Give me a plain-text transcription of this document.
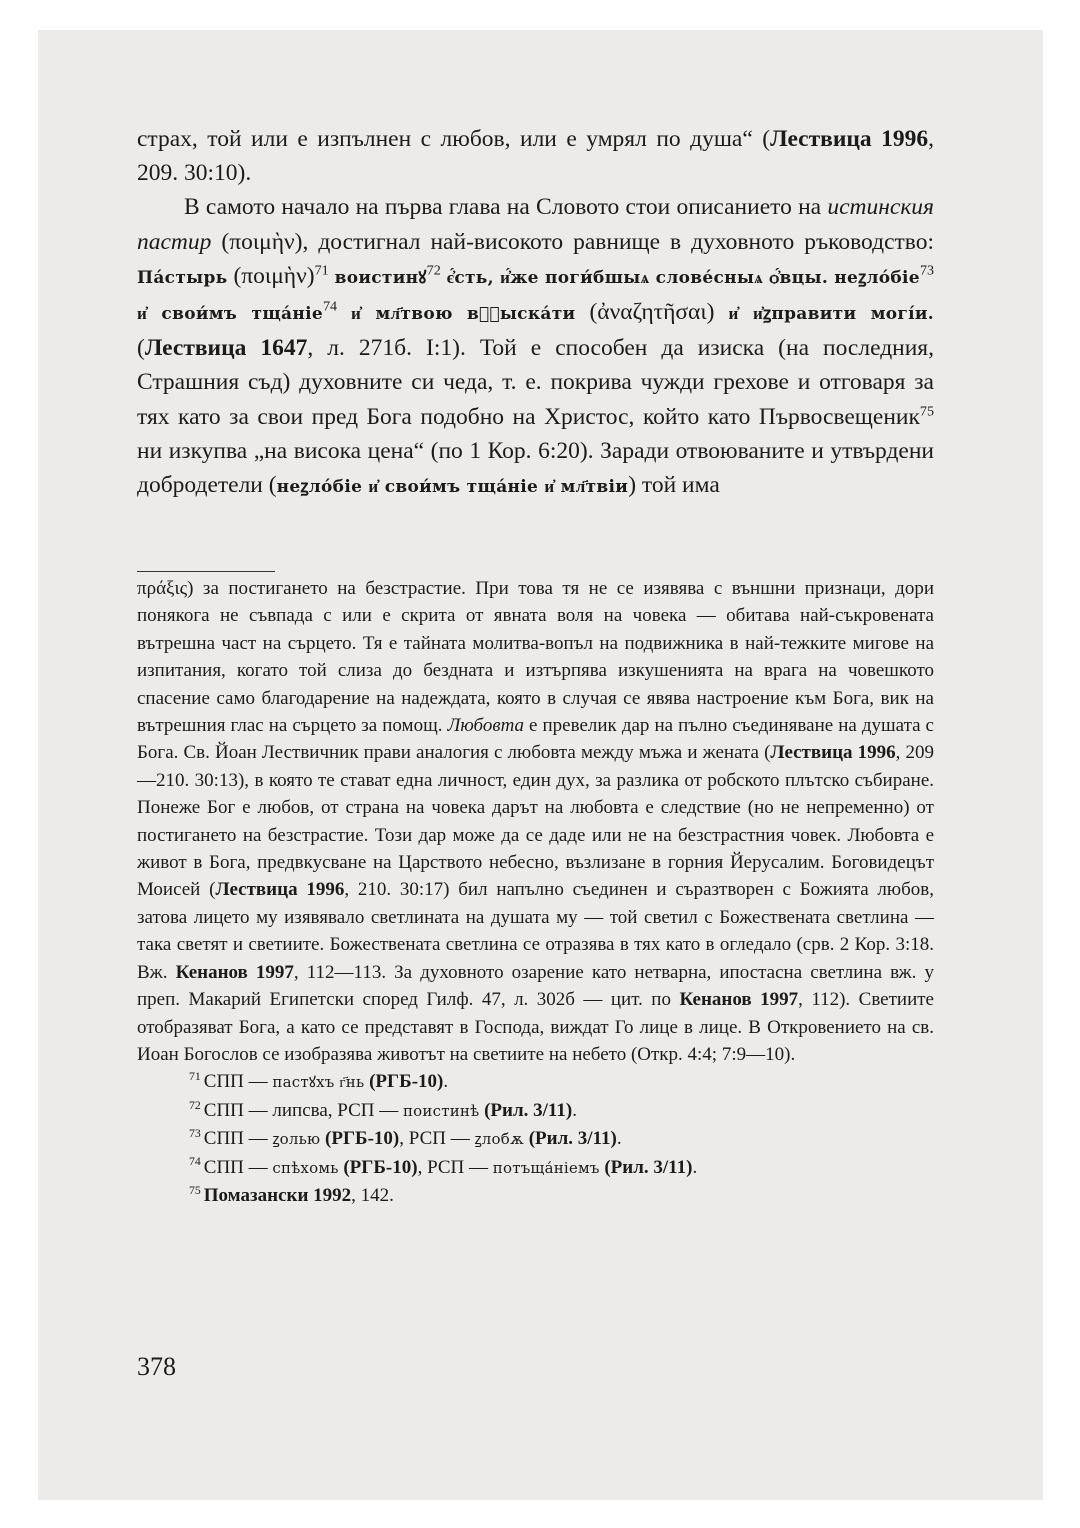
страх, той или е изпълнен с любов, или е умрял по душа“ (Лествица 1996, 209. 30:10).

В самото начало на първа глава на Словото стои описанието на истинския пастир (ποιμὴν), достигнал най-високото равнище в духовното ръководство: Па́стырь (ποιμὴν)$^{71}$ воистинꙋ$^{72}$ є҆́сть, и҆́же поги́бшыѧ слове́сныѧ ѻ҆́вцы. неꙁло́біе$^{73}$ и҆ свои́мъ тща́ніе$^{74}$ и҆ мл҃твою в꙯ꙁыска́ти (ἀναζητῆσαι) и҆ и҆ꙁправити могі́и. (Лествица 1647, л. 271б. I:1). Той е способен да изиска (на последния, Страшния съд) духовните си чеда, т. е. покрива чужди грехове и отговаря за тях като за свои пред Бога подобно на Христос, който като Първосвещеник$^{75}$ ни изкупва „на висока цена“ (по 1 Кор. 6:20). Заради отвоюваните и утвърдени добродетели (неꙁло́біе и҆ свои́мъ тща́ніе и҆ мл҃твіи) той има

πράξις) за постигането на безстрастие. При това тя не се изявява с външни признаци, дори понякога не съвпада с или е скрита от явната воля на човека — обитава най-съкровената вътрешна част на сърцето. Тя е тайната молитва-вопъл на подвижника в най-тежките мигове на изпитания, когато той слиза до бездната и изтърпява изкушенията на врага на човешкото спасение само благодарение на надеждата, която в случая се явява настроение към Бога, вик на вътрешния глас на сърцето за помощ. Любовта е превелик дар на пълно съединяване на душата с Бога. Св. Йоан Лествичник прави аналогия с любовта между мъжа и жената (Лествица 1996, 209—210. 30:13), в която те стават една личност, един дух, за разлика от робското плътско събиране. Понеже Бог е любов, от страна на човека дарът на любовта е следствие (но не непременно) от постигането на безстрастие. Този дар може да се даде или не на безстрастния човек. Любовта е живот в Бога, предвкусване на Царството небесно, възлизане в горния Йерусалим. Боговидецът Моисей (Лествица 1996, 210. 30:17) бил напълно съединен и съразтворен с Божията любов, затова лицето му изявявало светлината на душата му — той светил с Божествената светлина — така светят и светиите. Божествената светлина се отразява в тях като в огледало (срв. 2 Кор. 3:18. Вж. Кенанов 1997, 112—113. За духовното озарение като нетварна, ипостасна светлина вж. у преп. Макарий Египетски според Гилф. 47, л. 302б — цит. по Кенанов 1997, 112). Светиите отобразяват Бога, а като се представят в Господа, виждат Го лице в лице. В Откровението на св. Иоан Богослов се изобразява животът на светиите на небето (Откр. 4:4; 7:9—10).

$^{71}$ СПП — пастꙋхъ г҃нь (РГБ-10).

$^{72}$ СПП — липсва, РСП — поистинѣ (Рил. 3/11).

$^{73}$ СПП — ꙁолью (РГБ-10), РСП — ꙁлобѫ (Рил. 3/11).

$^{74}$ СПП — спѣхомь (РГБ-10), РСП — потъща́ніемъ (Рил. 3/11).

$^{75}$ Помазански 1992, 142.

378
